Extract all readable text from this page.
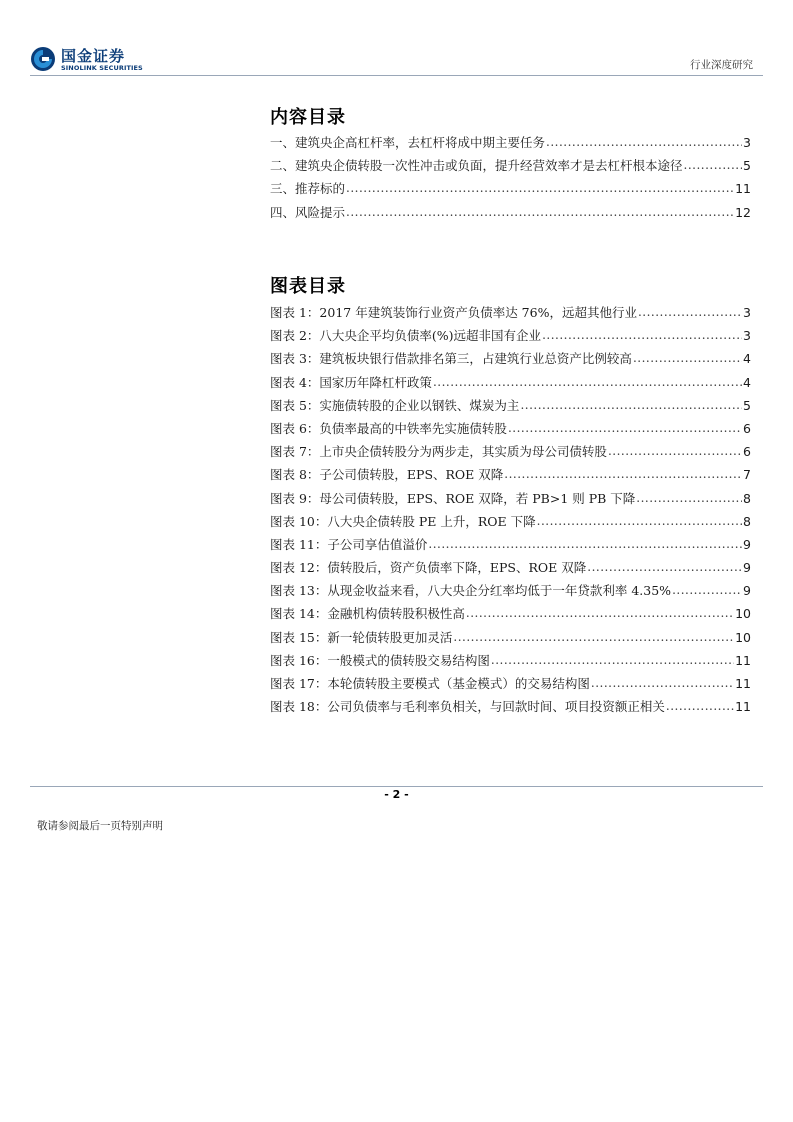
国金证券
SINOLINK SECURITIES	行业深度研究
内容目录
一、建筑央企高杠杆率，去杠杆将成中期主要任务 .....	3
二、建筑央企债转股一次性冲击或负面，提升经营效率才是去杠杆根本途径 .....	5
三、推荐标的 .....	11
四、风险提示 .....	12
图表目录
图表 1：2017 年建筑装饰行业资产负债率达 76%，远超其他行业 .....	3
图表 2：八大央企平均负债率(%)远超非国有企业 .....	3
图表 3：建筑板块银行借款排名第三，占建筑行业总资产比例较高 .....	4
图表 4：国家历年降杠杆政策 .....	4
图表 5：实施债转股的企业以钢铁、煤炭为主 .....	5
图表 6：负债率最高的中铁率先实施债转股 .....	6
图表 7：上市央企债转股分为两步走，其实质为母公司债转股 .....	6
图表 8：子公司债转股，EPS、ROE 双降 .....	7
图表 9：母公司债转股，EPS、ROE 双降，若 PB>1 则 PB 下降 .....	8
图表 10：八大央企债转股 PE 上升，ROE 下降 .....	8
图表 11：子公司享估值溢价 .....	9
图表 12：债转股后，资产负债率下降，EPS、ROE 双降 .....	9
图表 13：从现金收益来看，八大央企分红率均低于一年贷款利率 4.35% .....	9
图表 14：金融机构债转股积极性高 .....	10
图表 15：新一轮债转股更加灵活 .....	10
图表 16：一般模式的债转股交易结构图 .....	11
图表 17：本轮债转股主要模式（基金模式）的交易结构图 .....	11
图表 18：公司负债率与毛利率负相关，与回款时间、项目投资额正相关 .....	11
- 2 -
敬请参阅最后一页特别声明
